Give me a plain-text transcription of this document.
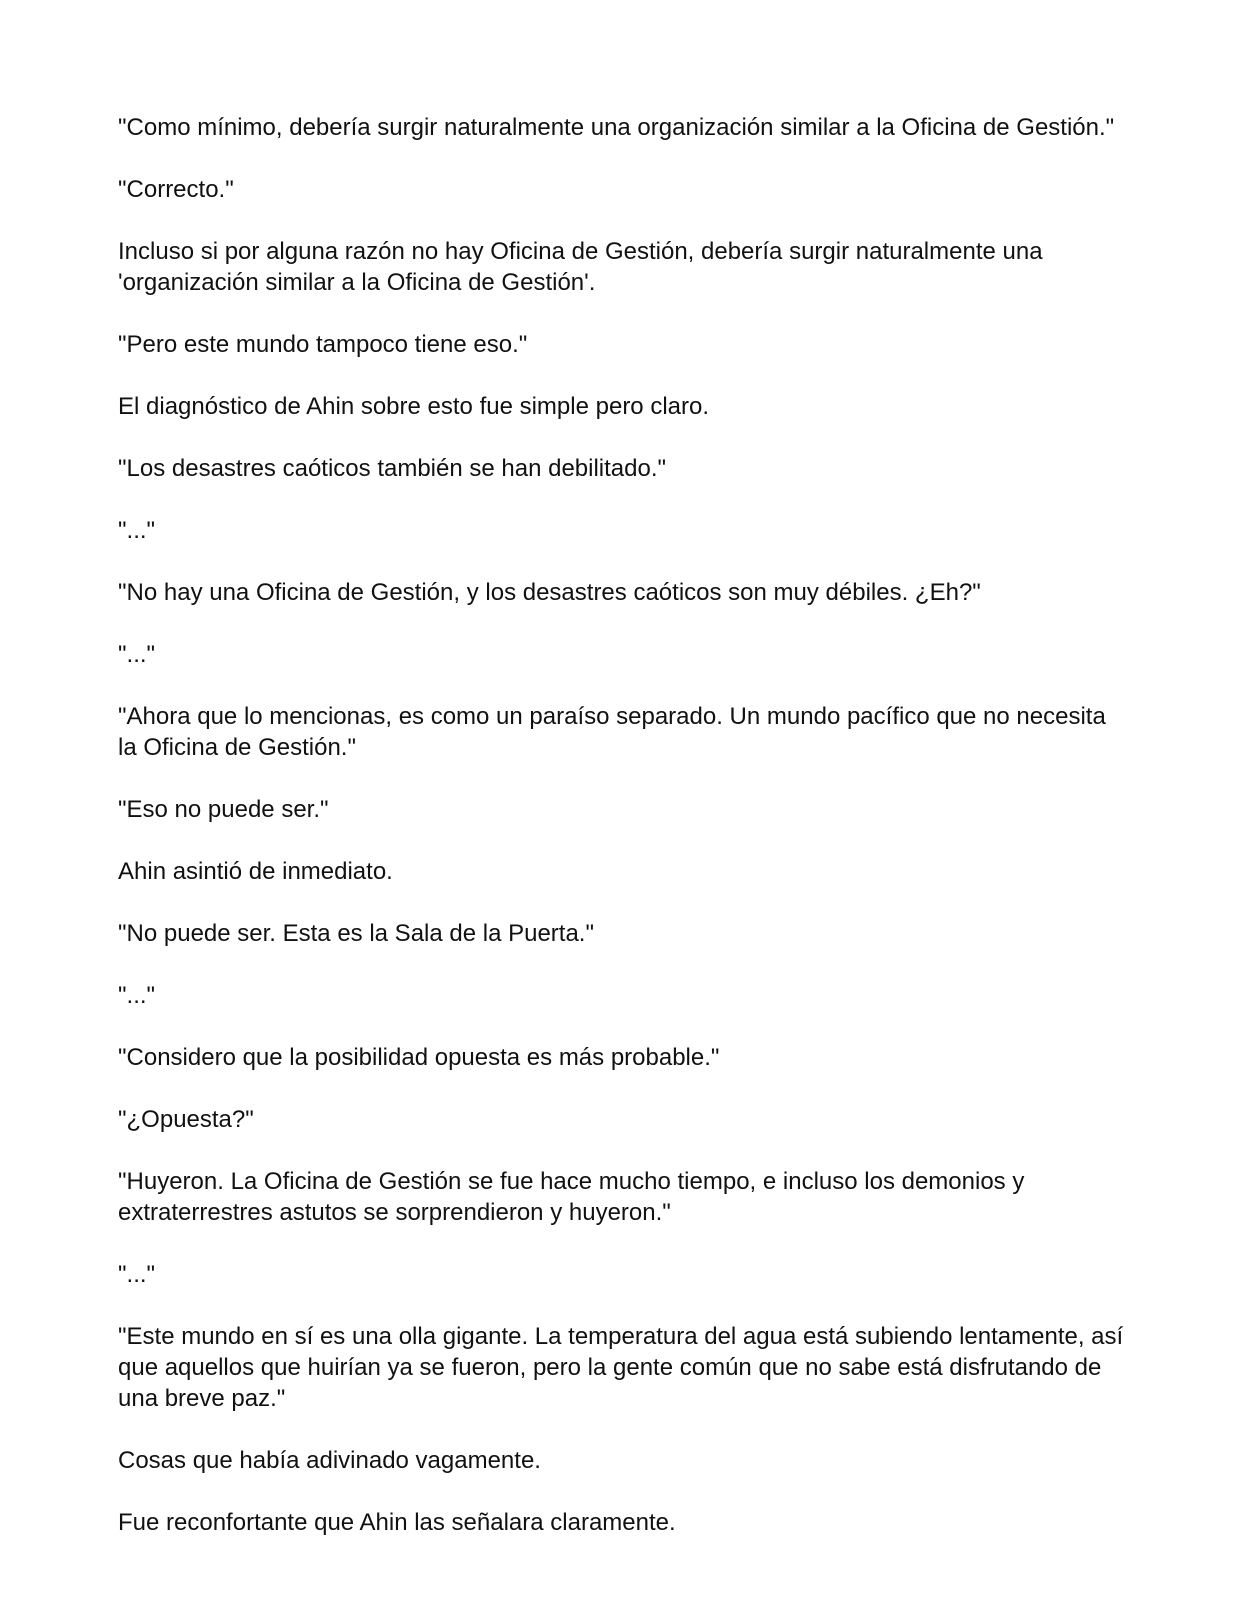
"Como mínimo, debería surgir naturalmente una organización similar a la Oficina de Gestión."

"Correcto."

Incluso si por alguna razón no hay Oficina de Gestión, debería surgir naturalmente una 'organización similar a la Oficina de Gestión'.

"Pero este mundo tampoco tiene eso."

El diagnóstico de Ahin sobre esto fue simple pero claro.

"Los desastres caóticos también se han debilitado."

"..."

"No hay una Oficina de Gestión, y los desastres caóticos son muy débiles. ¿Eh?"

"..."

"Ahora que lo mencionas, es como un paraíso separado. Un mundo pacífico que no necesita la Oficina de Gestión."

"Eso no puede ser."

Ahin asintió de inmediato.

"No puede ser. Esta es la Sala de la Puerta."

"..."

"Considero que la posibilidad opuesta es más probable."

"¿Opuesta?"

"Huyeron. La Oficina de Gestión se fue hace mucho tiempo, e incluso los demonios y extraterrestres astutos se sorprendieron y huyeron."

"..."

"Este mundo en sí es una olla gigante. La temperatura del agua está subiendo lentamente, así que aquellos que huirían ya se fueron, pero la gente común que no sabe está disfrutando de una breve paz."

Cosas que había adivinado vagamente.

Fue reconfortante que Ahin las señalara claramente.
